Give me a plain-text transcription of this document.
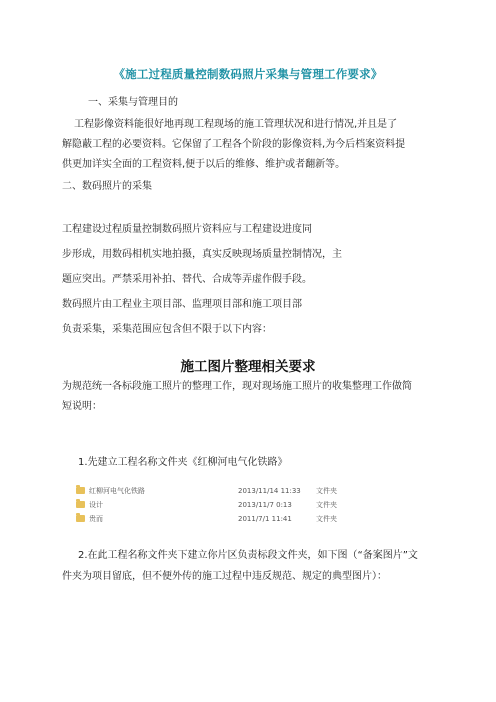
《施工过程质量控制数码照片采集与管理工作要求》
一、采集与管理目的
工程影像资料能很好地再现工程现场的施工管理状况和进行情况,并且是了
解隐蔽工程的必要资料。它保留了工程各个阶段的影像资料,为今后档案资料提
供更加详实全面的工程资料,便于以后的维修、维护或者翻新等。
二、数码照片的采集
工程建设过程质量控制数码照片资料应与工程建设进度同
步形成，用数码相机实地拍摄，真实反映现场质量控制情况，主
题应突出。严禁采用补拍、替代、合成等弄虚作假手段。
数码照片由工程业主项目部、监理项目部和施工项目部
负责采集，采集范围应包含但不限于以下内容：
施工图片整理相关要求
为规范统一各标段施工照片的整理工作，现对现场施工照片的收集整理工作做简
短说明：
1.先建立工程名称文件夹《红柳河电气化铁路》
红柳河电气化铁路	2013/11/14 11:33 文件夹
设计	2013/11/7 0:13	文件夹
贵而	2011/7/1 11:41	文件夹
2.在此工程名称文件夹下建立你片区负责标段文件夹，如下图（“备案图片”文
件夹为项目留底，但不便外传的施工过程中违反规范、规定的典型图片）：
